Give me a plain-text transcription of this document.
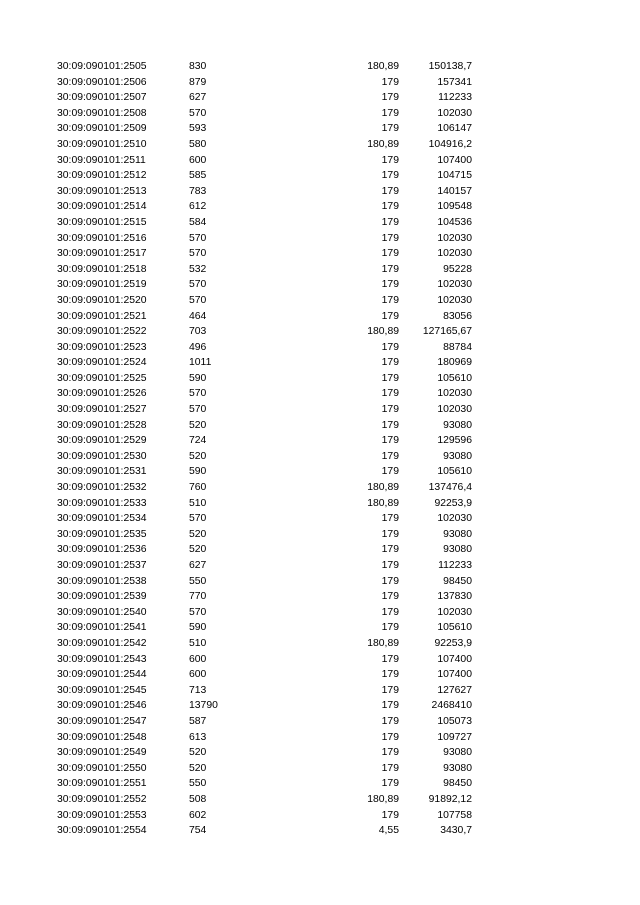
	30:09:090101:2505	830		180,89		150138,7
	30:09:090101:2506	879		179		157341
	30:09:090101:2507	627		179		112233
	30:09:090101:2508	570		179		102030
	30:09:090101:2509	593		179		106147
	30:09:090101:2510	580		180,89		104916,2
	30:09:090101:2511	600		179		107400
	30:09:090101:2512	585		179		104715
	30:09:090101:2513	783		179		140157
	30:09:090101:2514	612		179		109548
	30:09:090101:2515	584		179		104536
	30:09:090101:2516	570		179		102030
	30:09:090101:2517	570		179		102030
	30:09:090101:2518	532		179		95228
	30:09:090101:2519	570		179		102030
	30:09:090101:2520	570		179		102030
	30:09:090101:2521	464		179		83056
	30:09:090101:2522	703		180,89		127165,67
	30:09:090101:2523	496		179		88784
	30:09:090101:2524	1011		179		180969
	30:09:090101:2525	590		179		105610
	30:09:090101:2526	570		179		102030
	30:09:090101:2527	570		179		102030
	30:09:090101:2528	520		179		93080
	30:09:090101:2529	724		179		129596
	30:09:090101:2530	520		179		93080
	30:09:090101:2531	590		179		105610
	30:09:090101:2532	760		180,89		137476,4
	30:09:090101:2533	510		180,89		92253,9
	30:09:090101:2534	570		179		102030
	30:09:090101:2535	520		179		93080
	30:09:090101:2536	520		179		93080
	30:09:090101:2537	627		179		112233
	30:09:090101:2538	550		179		98450
	30:09:090101:2539	770		179		137830
	30:09:090101:2540	570		179		102030
	30:09:090101:2541	590		179		105610
	30:09:090101:2542	510		180,89		92253,9
	30:09:090101:2543	600		179		107400
	30:09:090101:2544	600		179		107400
	30:09:090101:2545	713		179		127627
	30:09:090101:2546	13790		179		2468410
	30:09:090101:2547	587		179		105073
	30:09:090101:2548	613		179		109727
	30:09:090101:2549	520		179		93080
	30:09:090101:2550	520		179		93080
	30:09:090101:2551	550		179		98450
	30:09:090101:2552	508		180,89		91892,12
	30:09:090101:2553	602		179		107758
	30:09:090101:2554	754		4,55		3430,7
